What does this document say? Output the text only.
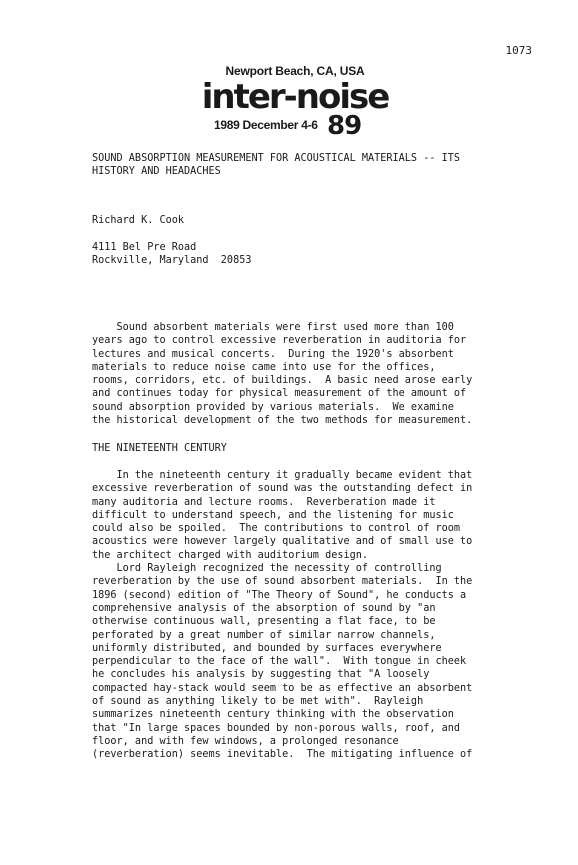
1073
Newport Beach, CA, USA
inter-noise
1989 December 4-6 89
SOUND ABSORPTION MEASUREMENT FOR ACOUSTICAL MATERIALS -- ITS
HISTORY AND HEADACHES
Richard K. Cook
4111 Bel Pre Road
Rockville, Maryland  20853
Sound absorbent materials were first used more than 100
years ago to control excessive reverberation in auditoria for
lectures and musical concerts.  During the 1920's absorbent
materials to reduce noise came into use for the offices,
rooms, corridors, etc. of buildings.  A basic need arose early
and continues today for physical measurement of the amount of
sound absorption provided by various materials.  We examine
the historical development of the two methods for measurement.
THE NINETEENTH CENTURY
In the nineteenth century it gradually became evident that
excessive reverberation of sound was the outstanding defect in
many auditoria and lecture rooms.  Reverberation made it
difficult to understand speech, and the listening for music
could also be spoiled.  The contributions to control of room
acoustics were however largely qualitative and of small use to
the architect charged with auditorium design.
Lord Rayleigh recognized the necessity of controlling
reverberation by the use of sound absorbent materials.  In the
1896 (second) edition of "The Theory of Sound", he conducts a
comprehensive analysis of the absorption of sound by "an
otherwise continuous wall, presenting a flat face, to be
perforated by a great number of similar narrow channels,
uniformly distributed, and bounded by surfaces everywhere
perpendicular to the face of the wall".  With tongue in cheek
he concludes his analysis by suggesting that "A loosely
compacted hay-stack would seem to be as effective an absorbent
of sound as anything likely to be met with".  Rayleigh
summarizes nineteenth century thinking with the observation
that "In large spaces bounded by non-porous walls, roof, and
floor, and with few windows, a prolonged resonance
(reverberation) seems inevitable.  The mitigating influence of
